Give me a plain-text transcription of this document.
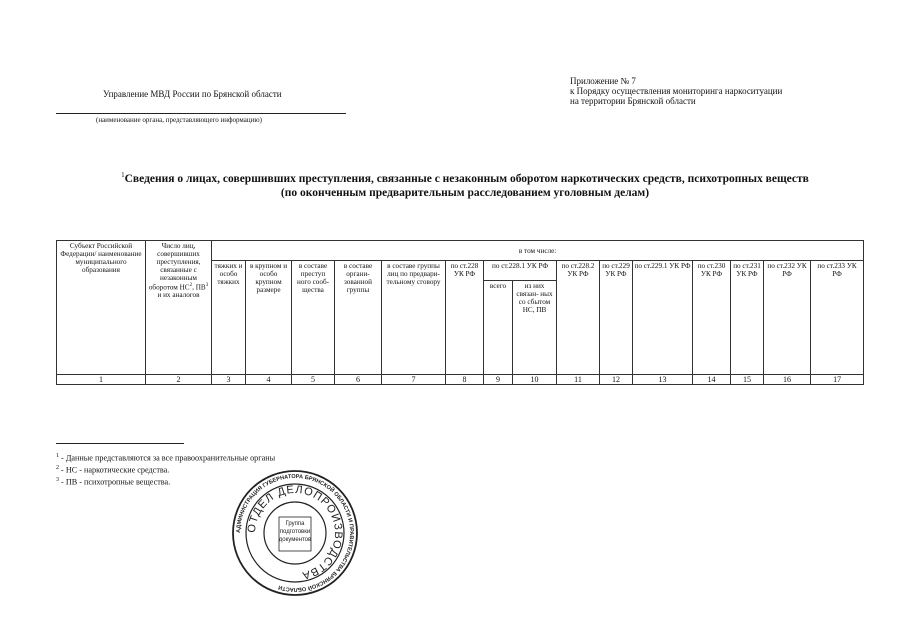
Управление МВД России по Брянской области
(наименование органа, представляющего информацию)
Приложение № 7
к Порядку осуществления мониторинга наркоситуации
на территории Брянской области
$^1$Сведения о лицах, совершивших преступления, связанные с незаконным оборотом наркотических средств, психотропных веществ
(по оконченным предварительным расследованием уголовным делам)
Субъект Российской Федерации/ наименование муниципального образования	Число лиц, совершивших преступления, связанные с незаконным оборотом $НС^2$, $ПВ^3$ и их аналогов	в том числе:														
		тяжких и особо тяжких	в крупном и особо крупном размере	в составе преступ ного сооб- щества	в составе органи- зованной группы	в составе группы лиц по предвари- тельному сговору	по ст.228 УК РФ	по ст.228.1 УК РФ		по ст.228.2 УК РФ	по ст.229 УК РФ	по ст.229.1 УК РФ	по ст.230 УК РФ	по ст.231 УК РФ	по ст.232 УК РФ	по ст.233 УК РФ
								всего	из них связан- ных со сбытом НС, ПВ							
1	2	3	4	5	6	7	8	9	10	11	12	13	14	15	16	17
$^1$ - Данные представляются за все правоохранительные органы
$^2$ - НС - наркотические средства.
$^3$ - ПВ - психотропные вещества.
АДМИНИСТРАЦИЯ ГУБЕРНАТОРА БРЯНСКОЙ ОБЛАСТИ И ПРАВИТЕЛЬСТВА БРЯНСКОЙ ОБЛАСТИ
ОТДЕЛ ДЕЛОПРОИЗВОДСТВА
Группа
подготовки
документов
